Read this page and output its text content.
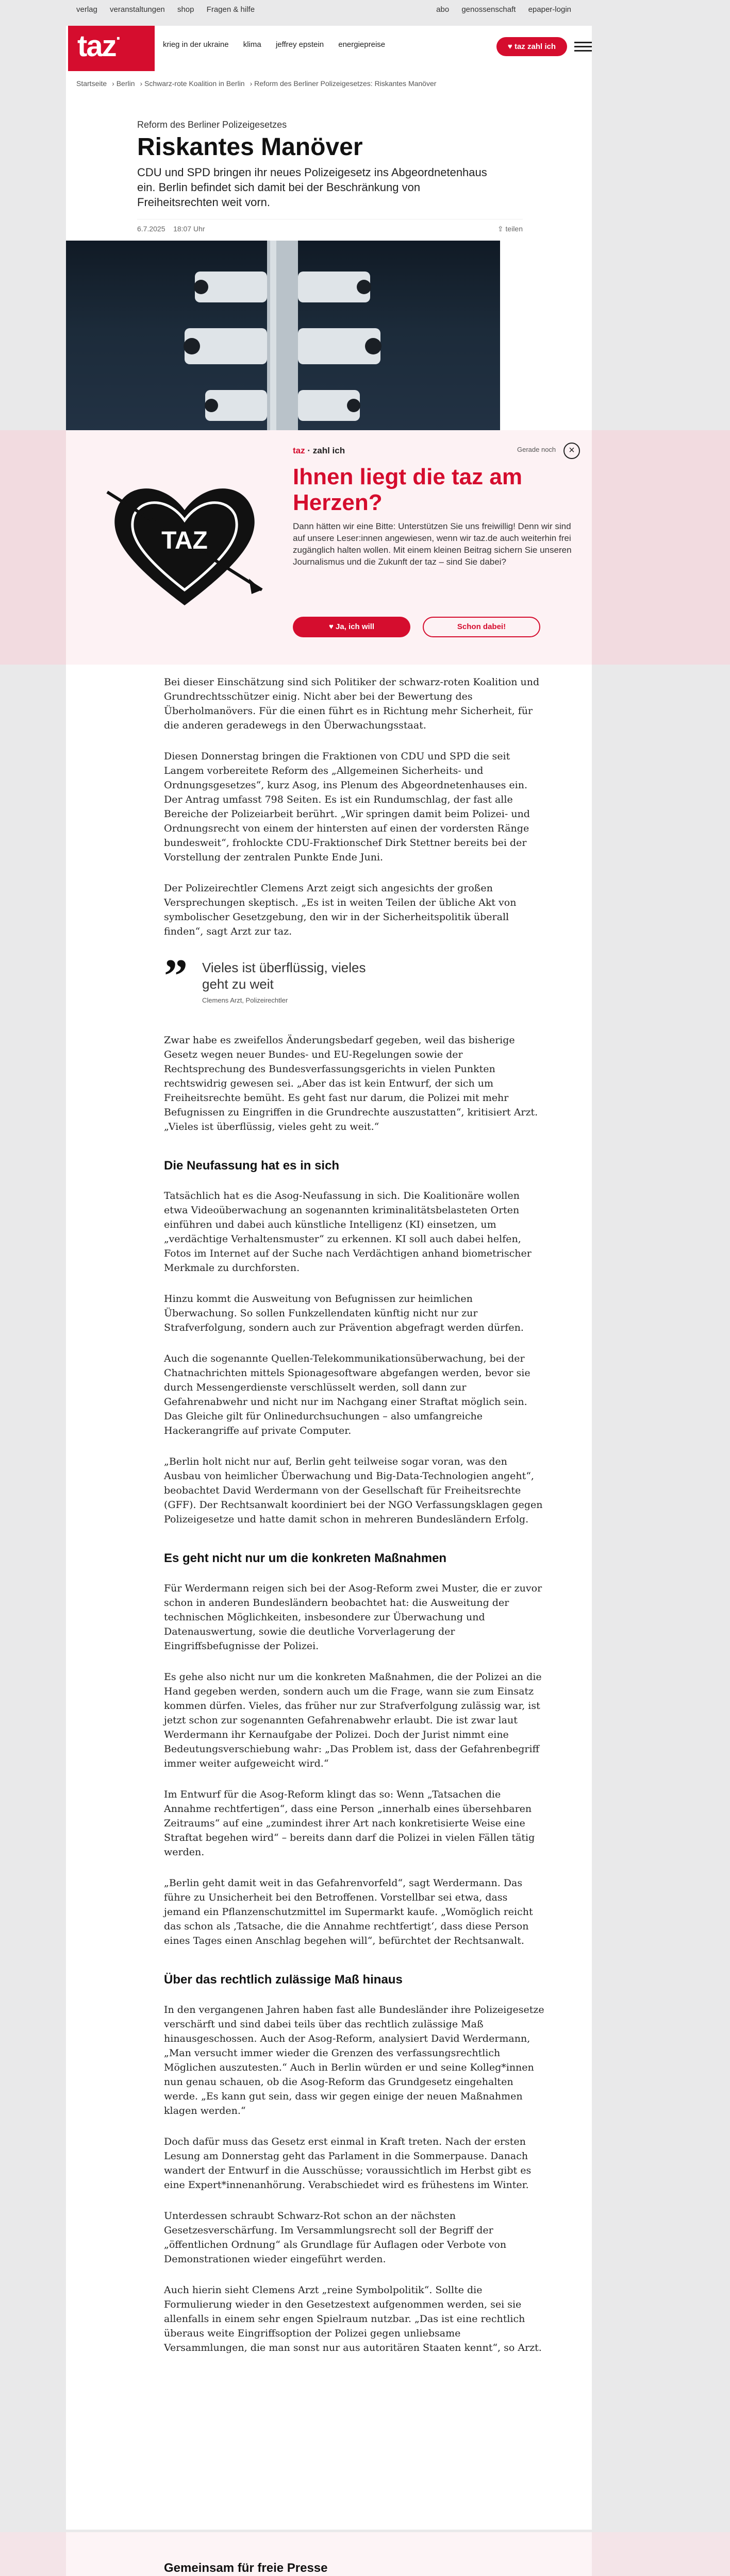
verlag veranstaltungen shop Fragen & hilfe	abo genossenschaft epaper-login
taz·	krieg in der ukraine klima jeffrey epstein energiepreise	♥ taz zahl ich
Startseite › Berlin › Schwarz-rote Koalition in Berlin › Reform des Berliner Polizeigesetzes: Riskantes Manöver
Reform des Berliner Polizeigesetzes
Riskantes Manöver
CDU und SPD bringen ihr neues Polizeigesetz ins Abgeordnetenhaus ein. Berlin befindet sich damit bei der Beschränkung von Freiheitsrechten weit vorn.
6.7.2025 18:07 Uhr	⇪ teilen
TAZ
taz · zahl ich	Gerade noch	×
Ihnen liegt die taz am Herzen?
Dann hätten wir eine Bitte: Unterstützen Sie uns freiwillig! Denn wir sind auf unsere Leser:innen angewiesen, wenn wir taz.de auch weiterhin frei zugänglich halten wollen. Mit einem kleinen Beitrag sichern Sie unseren Journalismus und die Zukunft der taz – sind Sie dabei?
♥ Ja, ich will	Schon dabei!

Bei dieser Einschätzung sind sich Politiker der schwarz-roten Koalition und Grundrechtsschützer einig. Nicht aber bei der Bewertung des Überholmanövers. Für die einen führt es in Richtung mehr Sicherheit, für die anderen geradewegs in den Überwachungsstaat.

Diesen Donnerstag bringen die Fraktionen von CDU und SPD die seit Langem vorbereitete Reform des „Allgemeinen Sicherheits- und Ordnungsgesetzes“, kurz Asog, ins Plenum des Abgeordnetenhauses ein. Der Antrag umfasst 798 Seiten. Es ist ein Rundumschlag, der fast alle Bereiche der Polizeiarbeit berührt. „Wir springen damit beim Polizei- und Ordnungsrecht von einem der hintersten auf einen der vordersten Ränge bundesweit“, frohlockte CDU-Fraktionschef Dirk Stettner bereits bei der Vorstellung der zentralen Punkte Ende Juni.

Der Polizeirechtler Clemens Arzt zeigt sich angesichts der großen Versprechungen skeptisch. „Es ist in weiten Teilen der übliche Akt von symbolischer Gesetzgebung, den wir in der Sicherheitspolitik überall finden“, sagt Arzt zur taz.

” Vieles ist überflüssig, vieles geht zu weit
Clemens Arzt, Polizeirechtler

Zwar habe es zweifellos Änderungsbedarf gegeben, weil das bisherige Gesetz wegen neuer Bundes- und EU-Regelungen sowie der Rechtsprechung des Bundesverfassungsgerichts in vielen Punkten rechtswidrig gewesen sei. „Aber das ist kein Entwurf, der sich um Freiheitsrechte bemüht. Es geht fast nur darum, die Polizei mit mehr Befugnissen zu Eingriffen in die Grundrechte auszustatten“, kritisiert Arzt. „Vieles ist überflüssig, vieles geht zu weit.“

Die Neufassung hat es in sich

Tatsächlich hat es die Asog-Neufassung in sich. Die Koalitionäre wollen etwa Videoüberwachung an sogenannten kriminalitätsbelasteten Orten einführen und dabei auch künstliche Intelligenz (KI) einsetzen, um „verdächtige Verhaltensmuster“ zu erkennen. KI soll auch dabei helfen, Fotos im Internet auf der Suche nach Verdächtigen anhand biometrischer Merkmale zu durchforsten.

Hinzu kommt die Ausweitung von Befugnissen zur heimlichen Überwachung. So sollen Funkzellendaten künftig nicht nur zur Strafverfolgung, sondern auch zur Prävention abgefragt werden dürfen.

Auch die sogenannte Quellen-Telekommunikationsüberwachung, bei der Chatnachrichten mittels Spionagesoftware abgefangen werden, bevor sie durch Messengerdienste verschlüsselt werden, soll dann zur Gefahrenabwehr und nicht nur im Nachgang einer Straftat möglich sein. Das Gleiche gilt für Onlinedurchsuchungen – also umfangreiche Hackerangriffe auf private Computer.

„Berlin holt nicht nur auf, Berlin geht teilweise sogar voran, was den Ausbau von heimlicher Überwachung und Big-Data-Technologien angeht“, beobachtet David Werdermann von der Gesellschaft für Freiheitsrechte (GFF). Der Rechtsanwalt koordiniert bei der NGO Verfassungsklagen gegen Polizeigesetze und hatte damit schon in mehreren Bundesländern Erfolg.

Es geht nicht nur um die konkreten Maßnahmen

Für Werdermann reigen sich bei der Asog-Reform zwei Muster, die er zuvor schon in anderen Bundesländern beobachtet hat: die Ausweitung der technischen Möglichkeiten, insbesondere zur Überwachung und Datenauswertung, sowie die deutliche Vorverlagerung der Eingriffsbefugnisse der Polizei.

Es gehe also nicht nur um die konkreten Maßnahmen, die der Polizei an die Hand gegeben werden, sondern auch um die Frage, wann sie zum Einsatz kommen dürfen. Vieles, das früher nur zur Strafverfolgung zulässig war, ist jetzt schon zur sogenannten Gefahrenabwehr erlaubt. Die ist zwar laut Werdermann ihr Kernaufgabe der Polizei. Doch der Jurist nimmt eine Bedeutungsverschiebung wahr: „Das Problem ist, dass der Gefahrenbegriff immer weiter aufgeweicht wird.“

Im Entwurf für die Asog-Reform klingt das so: Wenn „Tatsachen die Annahme rechtfertigen“, dass eine Person „innerhalb eines übersehbaren Zeitraums“ auf eine „zumindest ihrer Art nach konkretisierte Weise eine Straftat begehen wird“ – bereits dann darf die Polizei in vielen Fällen tätig werden.

„Berlin geht damit weit in das Gefahrenvorfeld“, sagt Werdermann. Das führe zu Unsicherheit bei den Betroffenen. Vorstellbar sei etwa, dass jemand ein Pflanzenschutzmittel im Supermarkt kaufe. „Womöglich reicht das schon als ‚Tatsache, die die Annahme rechtfertigt‘, dass diese Person eines Tages einen Anschlag begehen will“, befürchtet der Rechtsanwalt.

Über das rechtlich zulässige Maß hinaus

In den vergangenen Jahren haben fast alle Bundesländer ihre Polizeigesetze verschärft und sind dabei teils über das rechtlich zulässige Maß hinausgeschossen. Auch der Asog-Reform, analysiert David Werdermann, „Man versucht immer wieder die Grenzen des verfassungsrechtlich Möglichen auszutesten.“ Auch in Berlin würden er und seine Kolleg*innen nun genau schauen, ob die Asog-Reform das Grundgesetz eingehalten werde. „Es kann gut sein, dass wir gegen einige der neuen Maßnahmen klagen werden.“

Doch dafür muss das Gesetz erst einmal in Kraft treten. Nach der ersten Lesung am Donnerstag geht das Parlament in die Sommerpause. Danach wandert der Entwurf in die Ausschüsse; voraussichtlich im Herbst gibt es eine Expert*innenanhörung. Verabschiedet wird es frühestens im Winter.

Unterdessen schraubt Schwarz-Rot schon an der nächsten Gesetzesverschärfung. Im Versammlungsrecht soll der Begriff der „öffentlichen Ordnung“ als Grundlage für Auflagen oder Verbote von Demonstrationen wieder eingeführt werden.

Auch hierin sieht Clemens Arzt „reine Symbolpolitik“. Sollte die Formulierung wieder in den Gesetzestext aufgenommen werden, sei sie allenfalls in einem sehr engen Spielraum nutzbar. „Das ist eine rechtlich überaus weite Eingriffsoption der Polizei gegen unliebsame Versammlungen, die man sonst nur aus autoritären Staaten kennt“, so Arzt.

Gemeinsam für freie Presse
